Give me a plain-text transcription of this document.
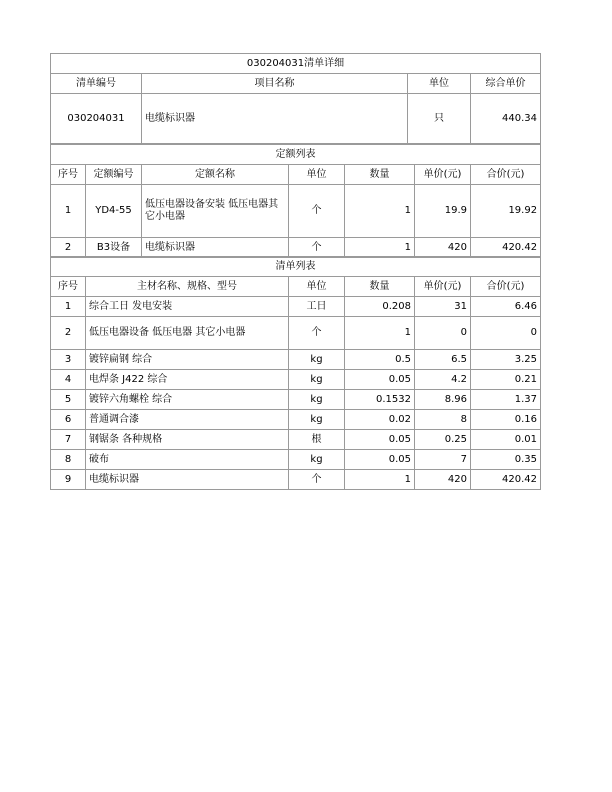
030204031清单详细			
清单编号	项目名称	单位	综合单价
030204031	电缆标识器	只	440.34
定额列表						
序号	定额编号	定额名称	单位	数量	单价(元)	合价(元)
1	YD4-55	低压电器设备安装 低压电器其它小电器	个	1	19.9	19.92
2	B3设备	电缆标识器	个	1	420	420.42
清单列表					
序号	主材名称、规格、型号	单位	数量	单价(元)	合价(元)
1	综合工日 发电安装	工日	0.208	31	6.46
2	低压电器设备 低压电器 其它小电器	个	1	0	0
3	镀锌扁钢 综合	kg	0.5	6.5	3.25
4	电焊条 J422 综合	kg	0.05	4.2	0.21
5	镀锌六角螺栓 综合	kg	0.1532	8.96	1.37
6	普通调合漆	kg	0.02	8	0.16
7	钢锯条 各种规格	根	0.05	0.25	0.01
8	破布	kg	0.05	7	0.35
9	电缆标识器	个	1	420	420.42
